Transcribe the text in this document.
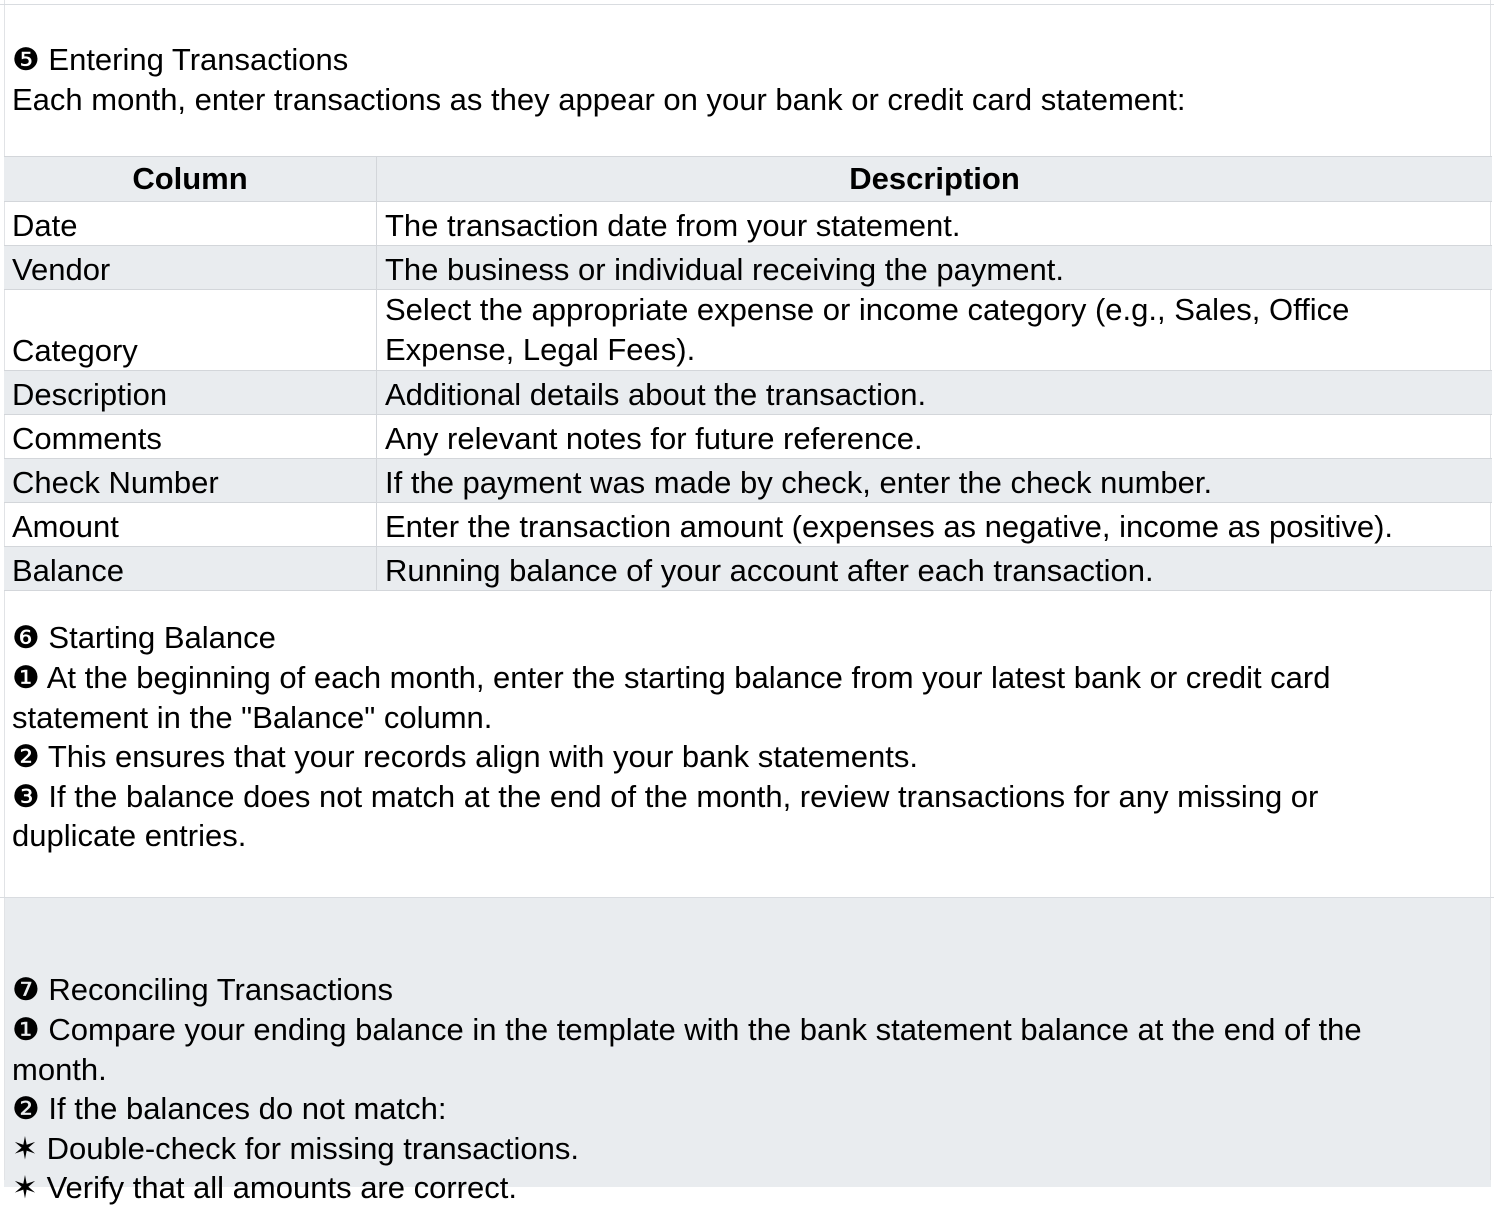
❺ Entering Transactions
Each month, enter transactions as they appear on your bank or credit card statement:
Column	Description
Date	The transaction date from your statement.
Vendor	The business or individual receiving the payment.
Category	Select the appropriate expense or income category (e.g., Sales, Office Expense, Legal Fees).
Description	Additional details about the transaction.
Comments	Any relevant notes for future reference.
Check Number	If the payment was made by check, enter the check number.
Amount	Enter the transaction amount (expenses as negative, income as positive).
Balance	Running balance of your account after each transaction.
❻ Starting Balance
❶ At the beginning of each month, enter the starting balance from your latest bank or credit card
statement in the "Balance" column.
❷ This ensures that your records align with your bank statements.
❸ If the balance does not match at the end of the month, review transactions for any missing or
duplicate entries.
❼ Reconciling Transactions
❶ Compare your ending balance in the template with the bank statement balance at the end of the
month.
❷ If the balances do not match:
✶ Double-check for missing transactions.
✶ Verify that all amounts are correct.
